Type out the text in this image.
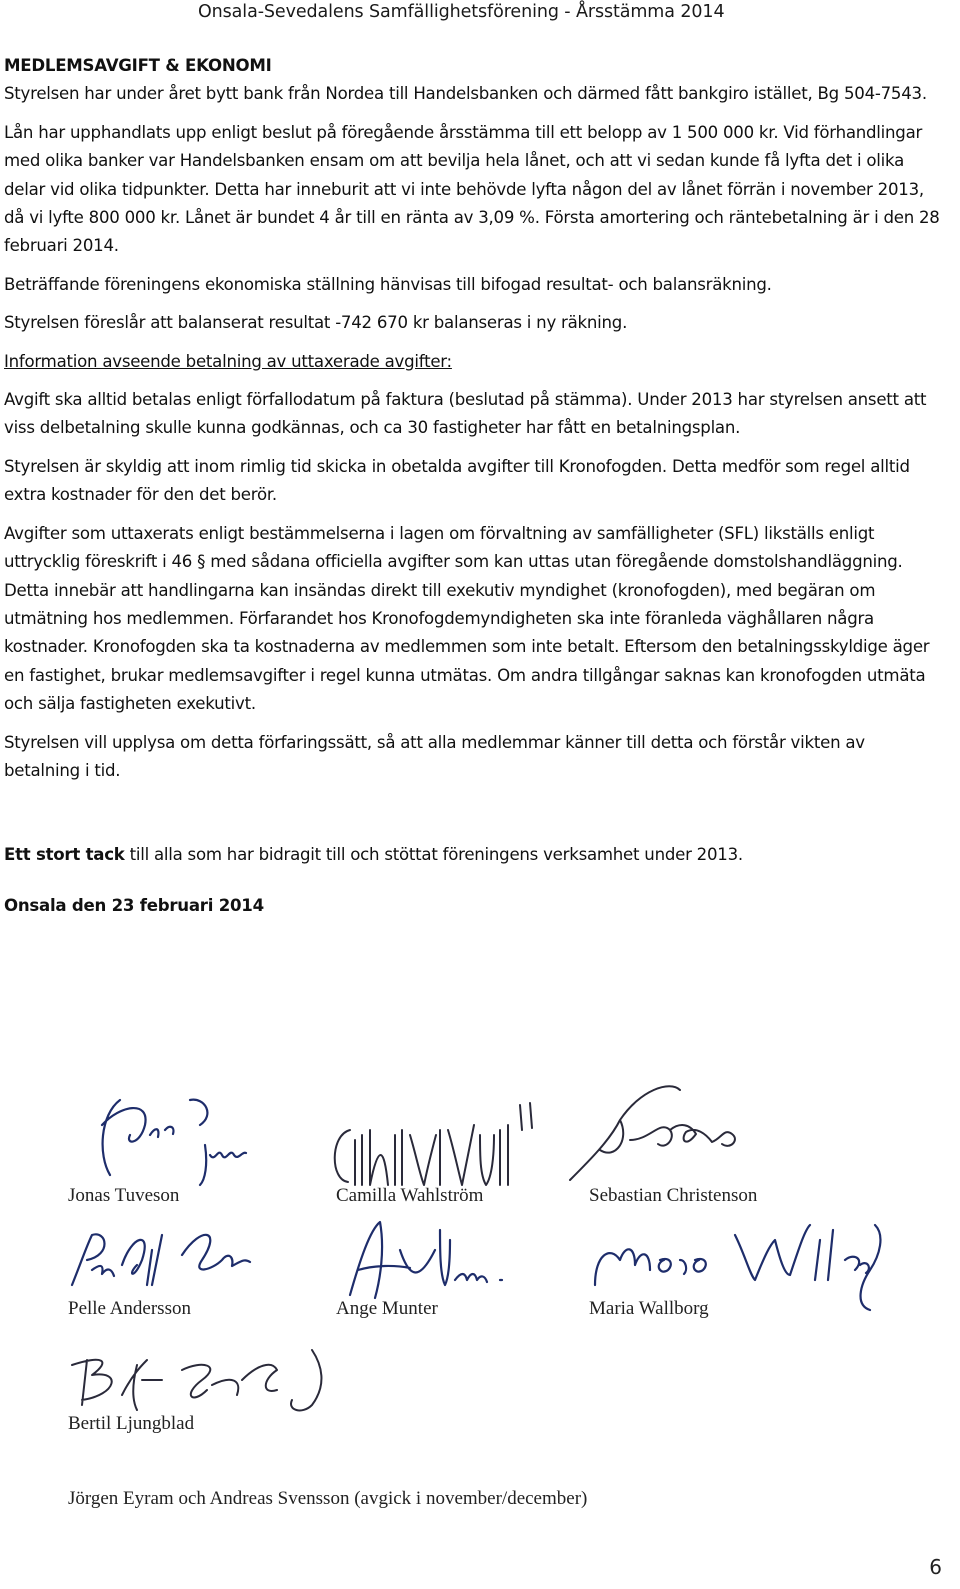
Onsala-Sevedalens Samfällighetsförening - Årsstämma 2014

MEDLEMSAVGIFT & EKONOMI

Styrelsen har under året bytt bank från Nordea till Handelsbanken och därmed fått bankgiro istället, Bg 504-7543.

Lån har upphandlats upp enligt beslut på föregående årsstämma till ett belopp av 1 500 000 kr. Vid förhandlingar med olika banker var Handelsbanken ensam om att bevilja hela lånet, och att vi sedan kunde få lyfta det i olika delar vid olika tidpunkter. Detta har inneburit att vi inte behövde lyfta någon del av lånet förrän i november 2013, då vi lyfte 800 000 kr. Lånet är bundet 4 år till en ränta av 3,09 %. Första amortering och räntebetalning är i den 28 februari 2014.

Beträffande föreningens ekonomiska ställning hänvisas till bifogad resultat- och balansräkning.

Styrelsen föreslår att balanserat resultat -742 670 kr balanseras i ny räkning.

Information avseende betalning av uttaxerade avgifter:

Avgift ska alltid betalas enligt förfallodatum på faktura (beslutad på stämma). Under 2013 har styrelsen ansett att viss delbetalning skulle kunna godkännas, och ca 30 fastigheter har fått en betalningsplan.

Styrelsen är skyldig att inom rimlig tid skicka in obetalda avgifter till Kronofogden. Detta medför som regel alltid extra kostnader för den det berör.

Avgifter som uttaxerats enligt bestämmelserna i lagen om förvaltning av samfälligheter (SFL) likställs enligt uttrycklig föreskrift i 46 § med sådana officiella avgifter som kan uttas utan föregående domstolshandläggning. Detta innebär att handlingarna kan insändas direkt till exekutiv myndighet (kronofogden), med begäran om utmätning hos medlemmen. Förfarandet hos Kronofogdemyndigheten ska inte föranleda väghållaren några kostnader. Kronofogden ska ta kostnaderna av medlemmen som inte betalt. Eftersom den betalningsskyldige äger en fastighet, brukar medlemsavgifter i regel kunna utmätas. Om andra tillgångar saknas kan kronofogden utmäta och sälja fastigheten exekutivt.

Styrelsen vill upplysa om detta förfaringssätt, så att alla medlemmar känner till detta och förstår vikten av betalning i tid.

Ett stort tack till alla som har bidragit till och stöttat föreningens verksamhet under 2013.

Onsala den 23 februari 2014

Jonas Tuveson	Camilla Wahlström	Sebastian Christenson
Pelle Andersson	Ange Munter	Maria Wallborg
Bertil Ljungblad
Jörgen Eyram och Andreas Svensson (avgick i november/december)
6
